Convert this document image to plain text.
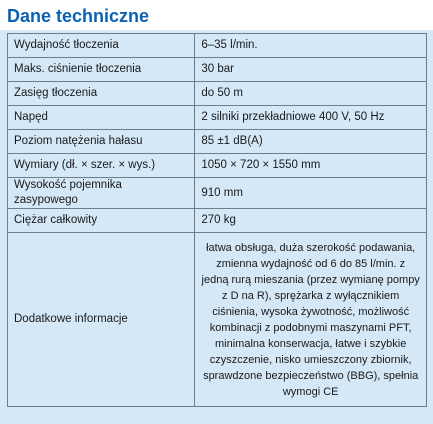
Dane techniczne
Wydajność tłoczenia	6–35 l/min.
Maks. ciśnienie tłoczenia	30 bar
Zasięg tłoczenia	do 50 m
Napęd	2 silniki przekładniowe 400 V, 50 Hz
Poziom natężenia hałasu	85 ±1 dB(A)
Wymiary (dł. × szer. × wys.)	1050 × 720 × 1550 mm
Wysokość pojemnika zasypowego	910 mm
Ciężar całkowity	270 kg
Dodatkowe informacje	łatwa obsługa, duża szerokość podawania, zmienna wydajność od 6 do 85 l/min. z jedną rurą mieszania (przez wymianę pompy z D na R), sprężarka z wyłącznikiem ciśnienia, wysoka żywotność, możliwość kombinacji z podobnymi maszynami PFT, minimalna konserwacja, łatwe i szybkie czyszczenie, nisko umieszczony zbiornik, sprawdzone bezpieczeństwo (BBG), spełnia wymogi CE
